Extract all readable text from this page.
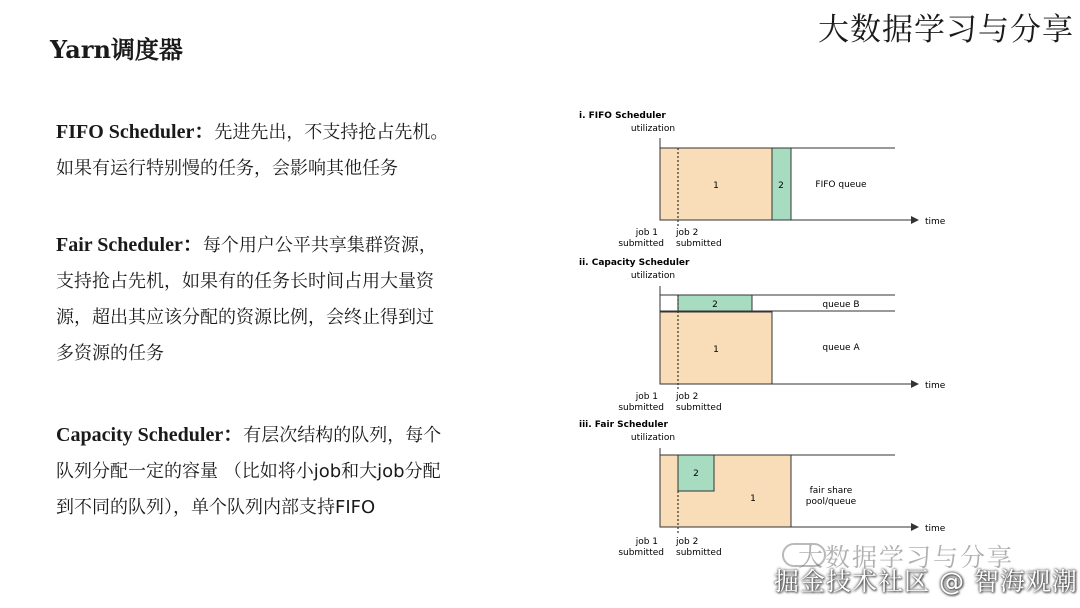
大数据学习与分享
Yarn调度器
FIFO Scheduler：先进先出，不支持抢占先机。
如果有运行特别慢的任务，会影响其他任务
Fair Scheduler：每个用户公平共享集群资源，
支持抢占先机，如果有的任务长时间占用大量资
源，超出其应该分配的资源比例，会终止得到过
多资源的任务
Capacity Scheduler：有层次结构的队列，每个
队列分配一定的容量 （比如将小job和大job分配
到不同的队列），单个队列内部支持FIFO
i. FIFO Scheduler
utilization
1	2	FIFO queue
time
job 1
submitted
job 2
submitted
ii. Capacity Scheduler
utilization
2
1
queue B
queue A
time
job 1
submitted
job 2
submitted
iii. Fair Scheduler
utilization
2
1
fair share
pool/queue
time
job 1
submitted
job 2
submitted	大数据学习与分享
掘金技术社区 @ 智海观潮
